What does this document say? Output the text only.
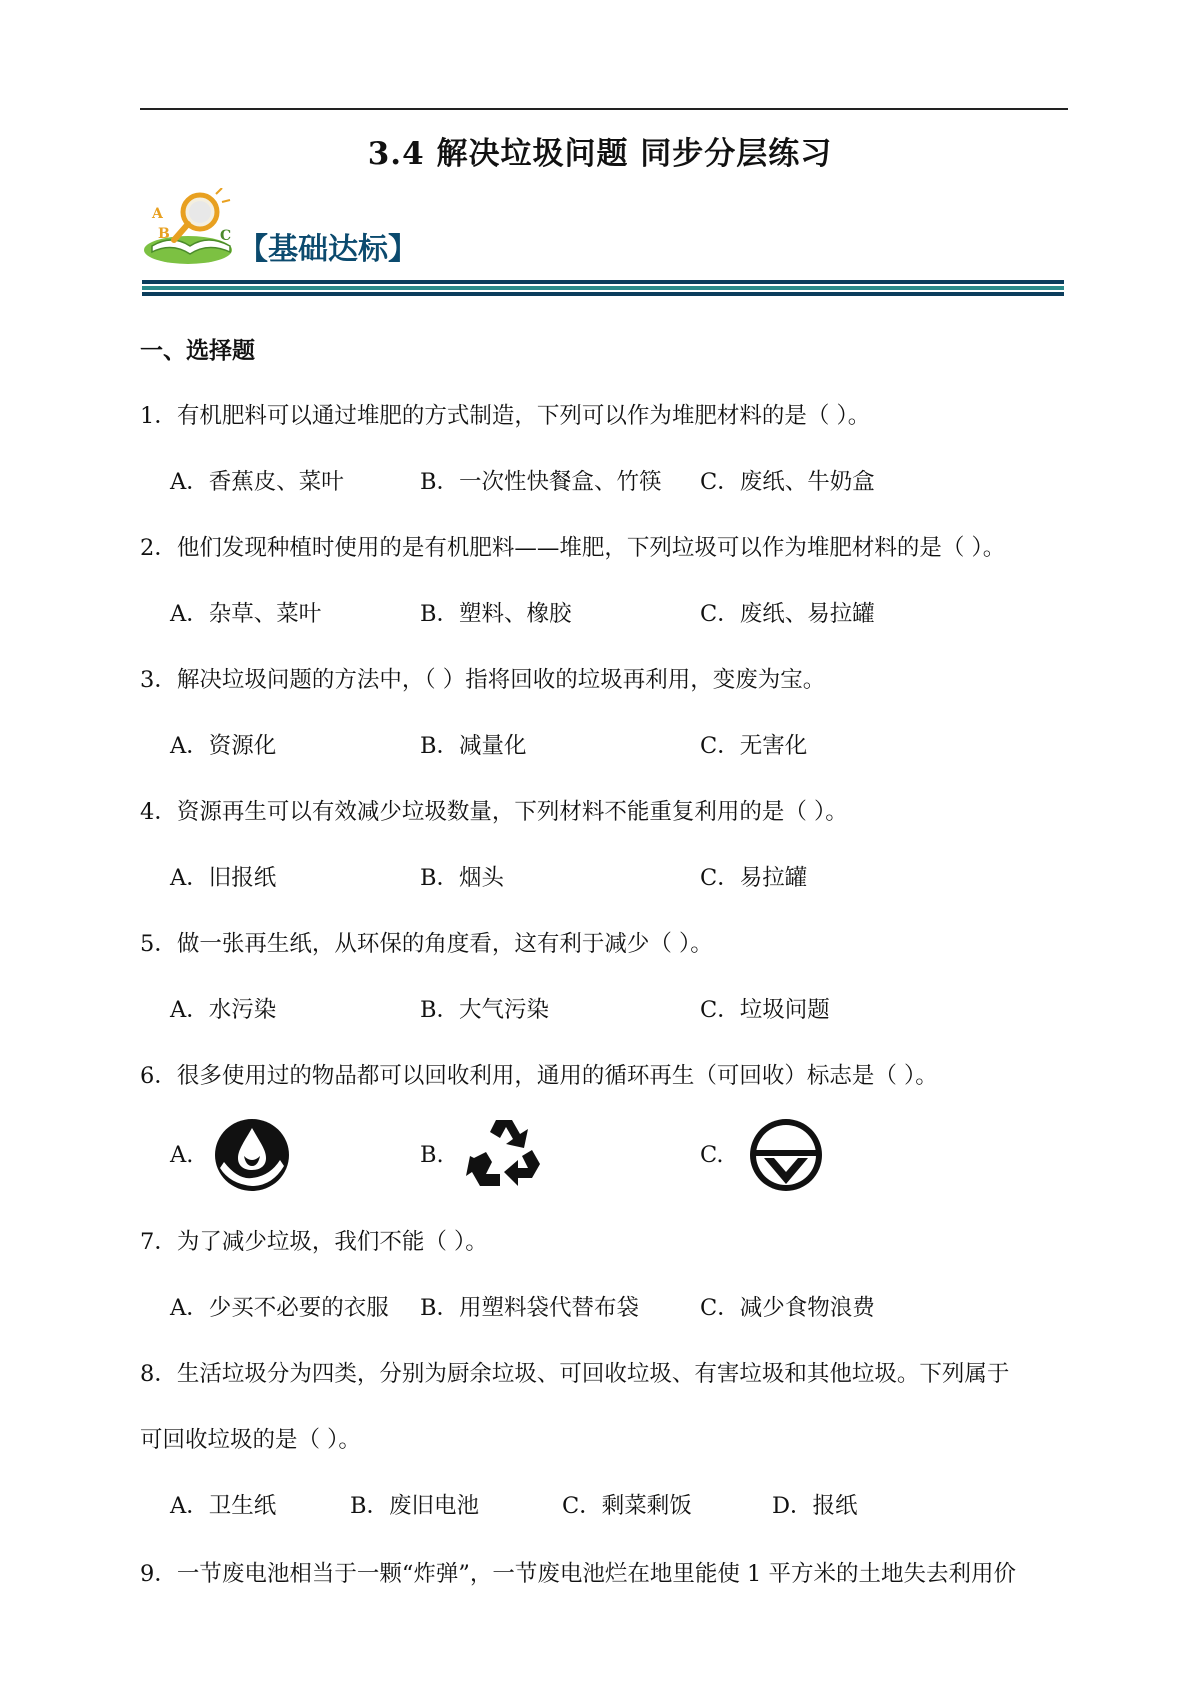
3.4 解决垃圾问题 同步分层练习
A
B	C 【基础达标】
一、选择题
1．有机肥料可以通过堆肥的方式制造，下列可以作为堆肥材料的是（ ）。
A．香蕉皮、菜叶	B．一次性快餐盒、竹筷 C．废纸、牛奶盒
2．他们发现种植时使用的是有机肥料——堆肥，下列垃圾可以作为堆肥材料的是（ ）。
A．杂草、菜叶	B．塑料、橡胶	C．废纸、易拉罐
3．解决垃圾问题的方法中，（ ）指将回收的垃圾再利用，变废为宝。
A．资源化	B．减量化	C．无害化
4．资源再生可以有效减少垃圾数量，下列材料不能重复利用的是（ ）。
A．旧报纸	B．烟头	C．易拉罐
5．做一张再生纸，从环保的角度看，这有利于减少（ ）。
A．水污染	B．大气污染	C．垃圾问题
6．很多使用过的物品都可以回收利用，通用的循环再生（可回收）标志是（ ）。
A.	B.	C.
7．为了减少垃圾，我们不能（ ）。
A．少买不必要的衣服 B．用塑料袋代替布袋	C．减少食物浪费
8．生活垃圾分为四类，分别为厨余垃圾、可回收垃圾、有害垃圾和其他垃圾。下列属于
可回收垃圾的是（ ）。
A．卫生纸	B．废旧电池	C．剩菜剩饭	D．报纸
9．一节废电池相当于一颗“炸弹”，一节废电池烂在地里能使 1 平方米的土地失去利用价
